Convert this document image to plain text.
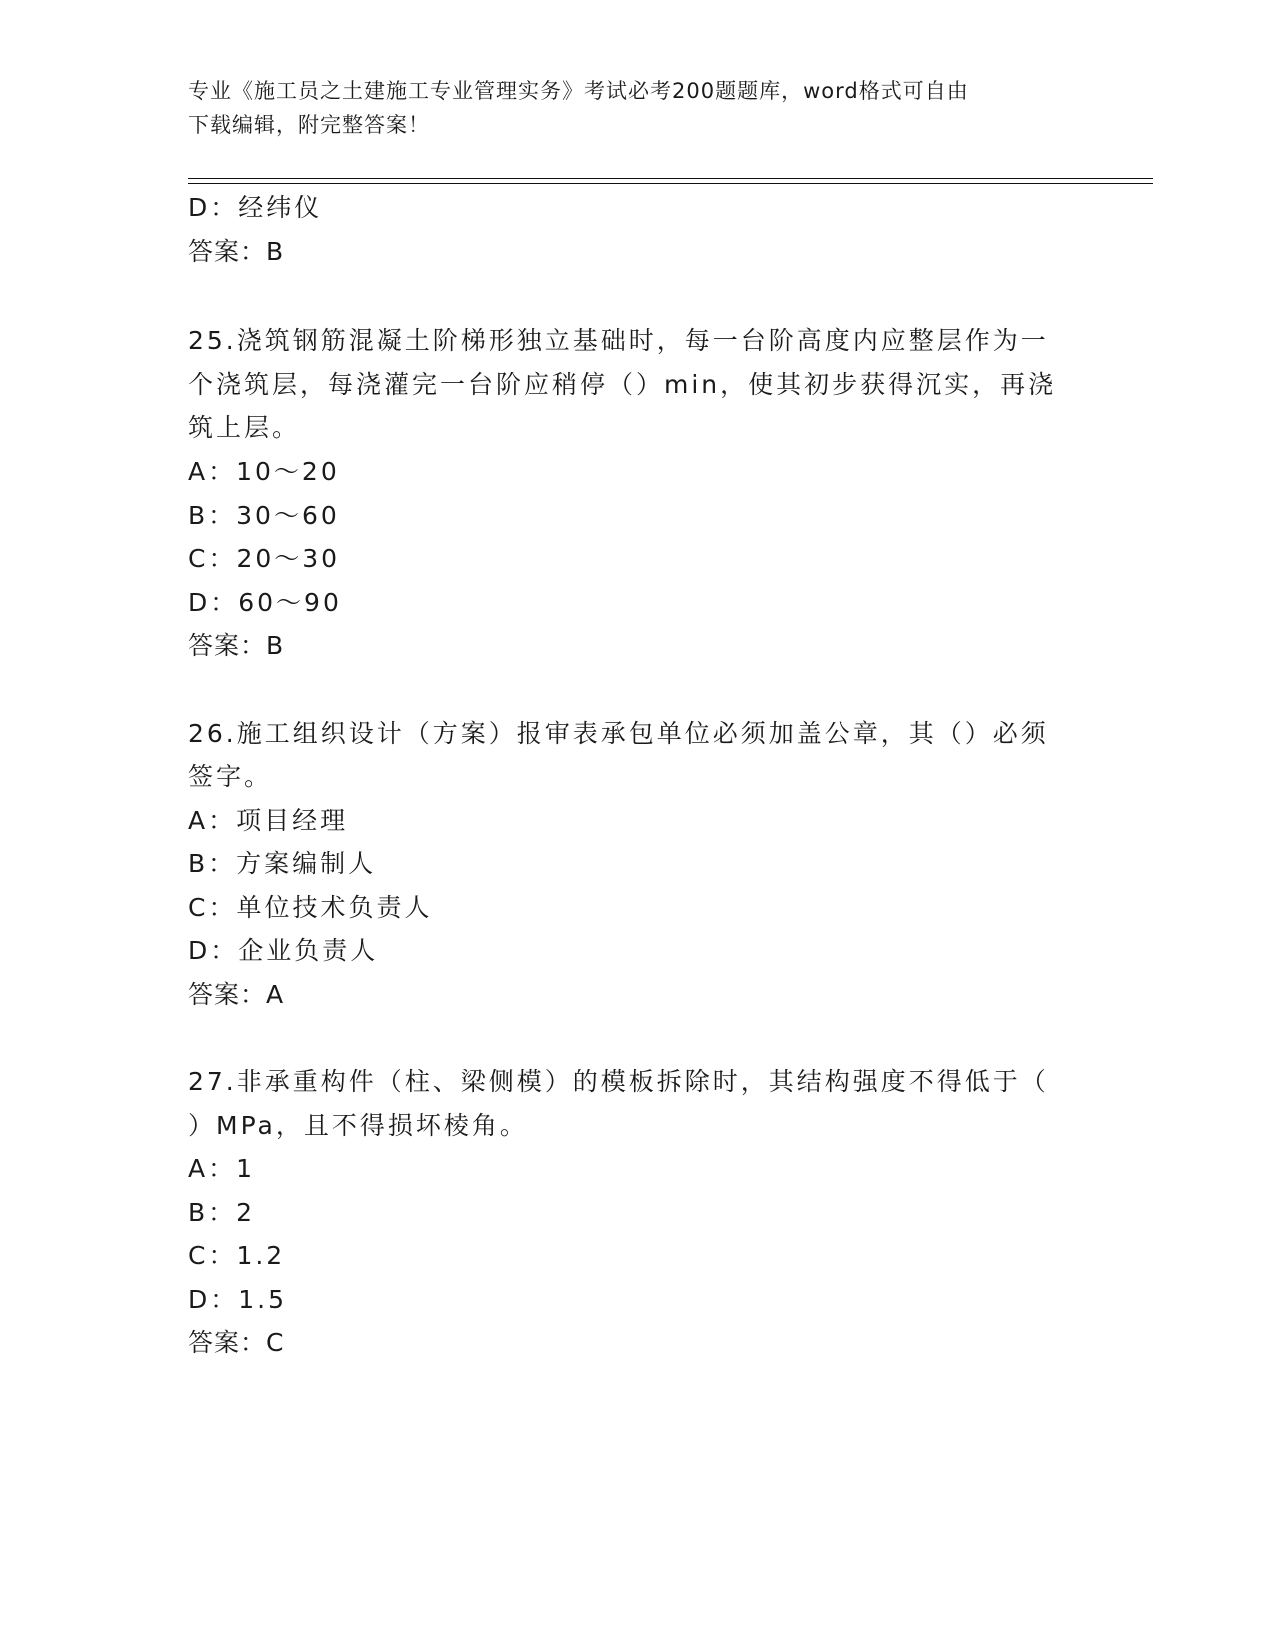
专业《施工员之土建施工专业管理实务》考试必考200题题库，word格式可自由
下载编辑，附完整答案！
D：经纬仪
答案：B
25.浇筑钢筋混凝土阶梯形独立基础时，每一台阶高度内应整层作为一
个浇筑层，每浇灌完一台阶应稍停（）min，使其初步获得沉实，再浇
筑上层。
A：10～20
B：30～60
C：20～30
D：60～90
答案：B
26.施工组织设计（方案）报审表承包单位必须加盖公章，其（）必须
签字。
A：项目经理
B：方案编制人
C：单位技术负责人
D：企业负责人
答案：A
27.非承重构件（柱、梁侧模）的模板拆除时，其结构强度不得低于（
）MPa，且不得损坏棱角。
A：1
B：2
C：1.2
D：1.5
答案：C
